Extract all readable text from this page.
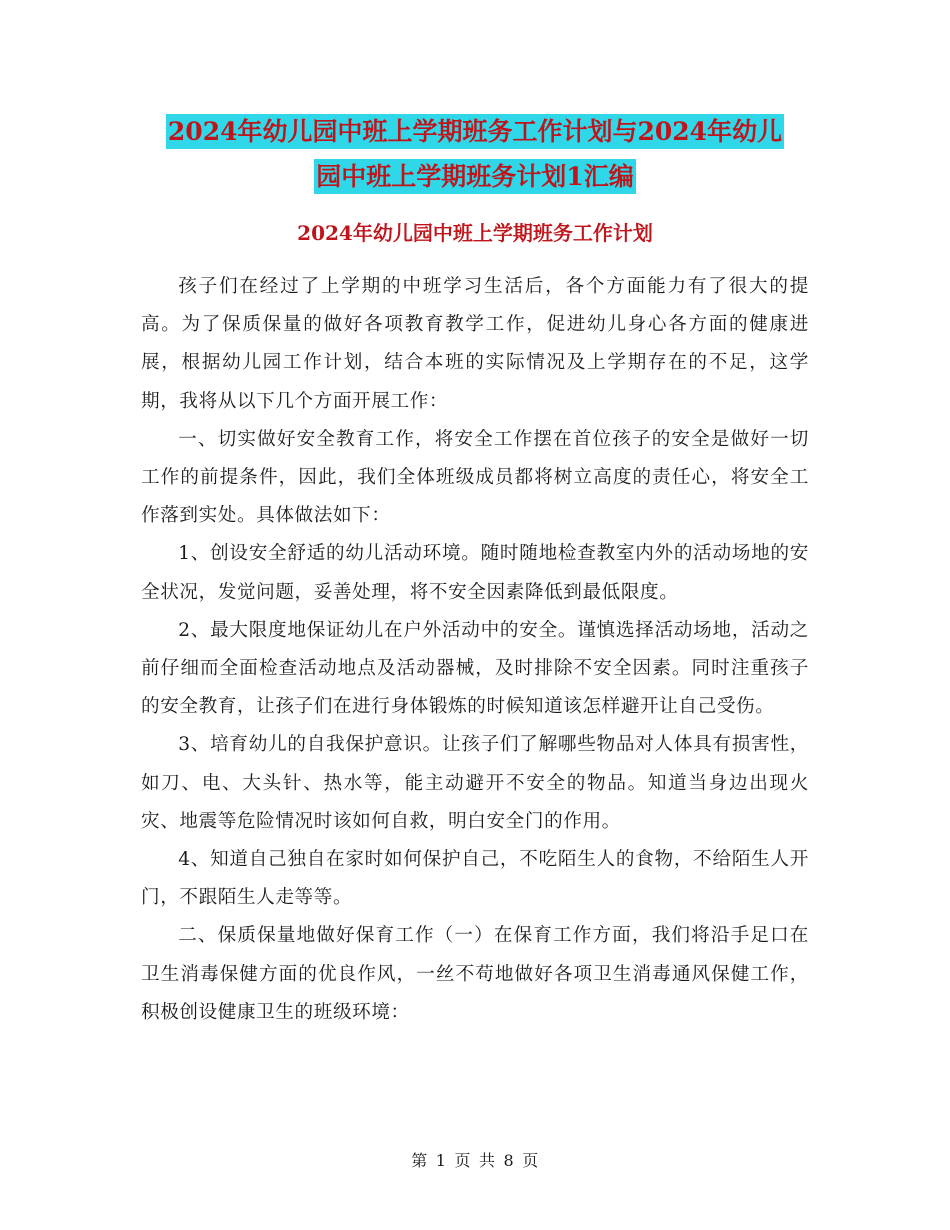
2024年幼儿园中班上学期班务工作计划与2024年幼儿
园中班上学期班务计划1汇编
2024年幼儿园中班上学期班务工作计划

孩子们在经过了上学期的中班学习生活后，各个方面能力有了很大的提高。为了保质保量的做好各项教育教学工作，促进幼儿身心各方面的健康进展，根据幼儿园工作计划，结合本班的实际情况及上学期存在的不足，这学期，我将从以下几个方面开展工作：

一、切实做好安全教育工作，将安全工作摆在首位孩子的安全是做好一切工作的前提条件，因此，我们全体班级成员都将树立高度的责任心，将安全工作落到实处。具体做法如下：

1、创设安全舒适的幼儿活动环境。随时随地检查教室内外的活动场地的安全状况，发觉问题，妥善处理，将不安全因素降低到最低限度。

2、最大限度地保证幼儿在户外活动中的安全。谨慎选择活动场地，活动之前仔细而全面检查活动地点及活动器械，及时排除不安全因素。同时注重孩子的安全教育，让孩子们在进行身体锻炼的时候知道该怎样避开让自己受伤。

3、培育幼儿的自我保护意识。让孩子们了解哪些物品对人体具有损害性，如刀、电、大头针、热水等，能主动避开不安全的物品。知道当身边出现火灾、地震等危险情况时该如何自救，明白安全门的作用。

4、知道自己独自在家时如何保护自己，不吃陌生人的食物，不给陌生人开门，不跟陌生人走等等。

二、保质保量地做好保育工作（一）在保育工作方面，我们将沿手足口在卫生消毒保健方面的优良作风，一丝不苟地做好各项卫生消毒通风保健工作，积极创设健康卫生的班级环境：

第 1 页 共 8 页
